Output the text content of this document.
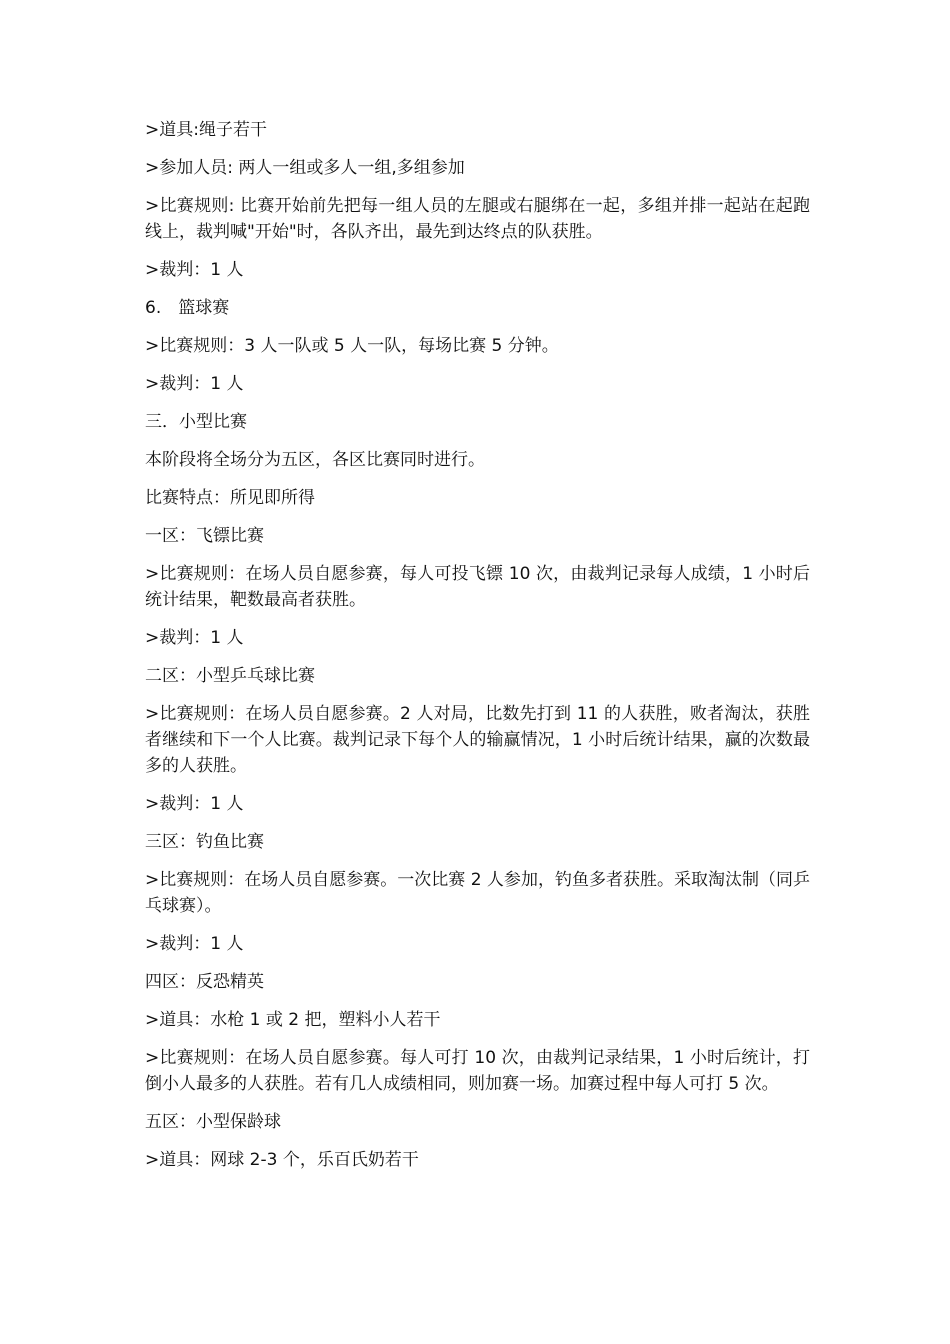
>道具:绳子若干

>参加人员: 两人一组或多人一组,多组参加

>比赛规则: 比赛开始前先把每一组人员的左腿或右腿绑在一起，多组并排一起站在起跑线上，裁判喊"开始"时，各队齐出，最先到达终点的队获胜。

>裁判：1 人

6.　篮球赛

>比赛规则：3 人一队或 5 人一队，每场比赛 5 分钟。

>裁判：1 人

三．小型比赛

本阶段将全场分为五区，各区比赛同时进行。

比赛特点：所见即所得

一区：飞镖比赛

>比赛规则：在场人员自愿参赛，每人可投飞镖 10 次，由裁判记录每人成绩，1 小时后统计结果，靶数最高者获胜。

>裁判：1 人

二区：小型乒乓球比赛

>比赛规则：在场人员自愿参赛。2 人对局，比数先打到 11 的人获胜，败者淘汰，获胜者继续和下一个人比赛。裁判记录下每个人的输赢情况，1 小时后统计结果，赢的次数最多的人获胜。

>裁判：1 人

三区：钓鱼比赛

>比赛规则：在场人员自愿参赛。一次比赛 2 人参加，钓鱼多者获胜。采取淘汰制（同乒乓球赛）。

>裁判：1 人

四区：反恐精英

>道具：水枪 1 或 2 把，塑料小人若干

>比赛规则：在场人员自愿参赛。每人可打 10 次，由裁判记录结果，1 小时后统计，打倒小人最多的人获胜。若有几人成绩相同，则加赛一场。加赛过程中每人可打 5 次。

五区：小型保龄球

>道具：网球 2-3 个，乐百氏奶若干
